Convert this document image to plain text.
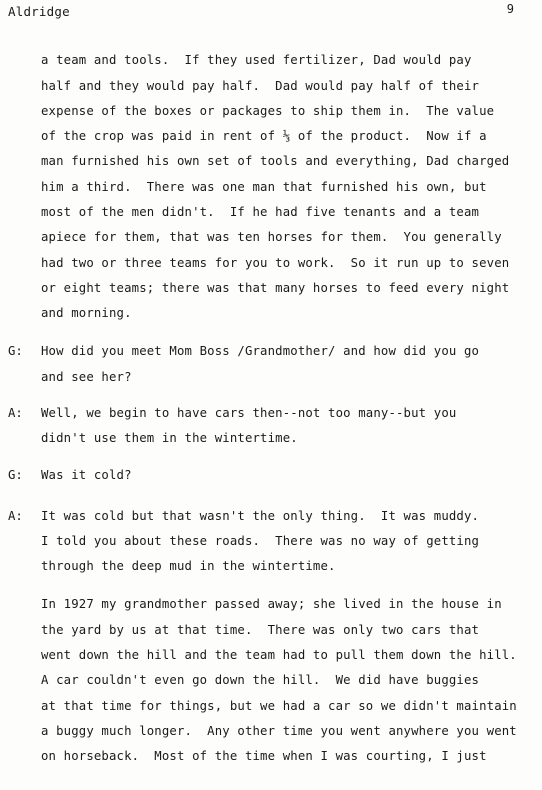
Aldridge	9
a team and tools.  If they used fertilizer, Dad would pay
half and they would pay half.  Dad would pay half of their
expense of the boxes or packages to ship them in.  The value
of the crop was paid in rent of ⅓ of the product.  Now if a
man furnished his own set of tools and everything, Dad charged
him a third.  There was one man that furnished his own, but
most of the men didn't.  If he had five tenants and a team
apiece for them, that was ten horses for them.  You generally
had two or three teams for you to work.  So it run up to seven
or eight teams; there was that many horses to feed every night
and morning.
G: How did you meet Mom Boss /Grandmother/ and how did you go
and see her?
A: Well, we begin to have cars then--not too many--but you
didn't use them in the wintertime.
G: Was it cold?
A: It was cold but that wasn't the only thing.  It was muddy.
I told you about these roads.  There was no way of getting
through the deep mud in the wintertime.
In 1927 my grandmother passed away; she lived in the house in
the yard by us at that time.  There was only two cars that
went down the hill and the team had to pull them down the hill.
A car couldn't even go down the hill.  We did have buggies
at that time for things, but we had a car so we didn't maintain
a buggy much longer.  Any other time you went anywhere you went
on horseback.  Most of the time when I was courting, I just
